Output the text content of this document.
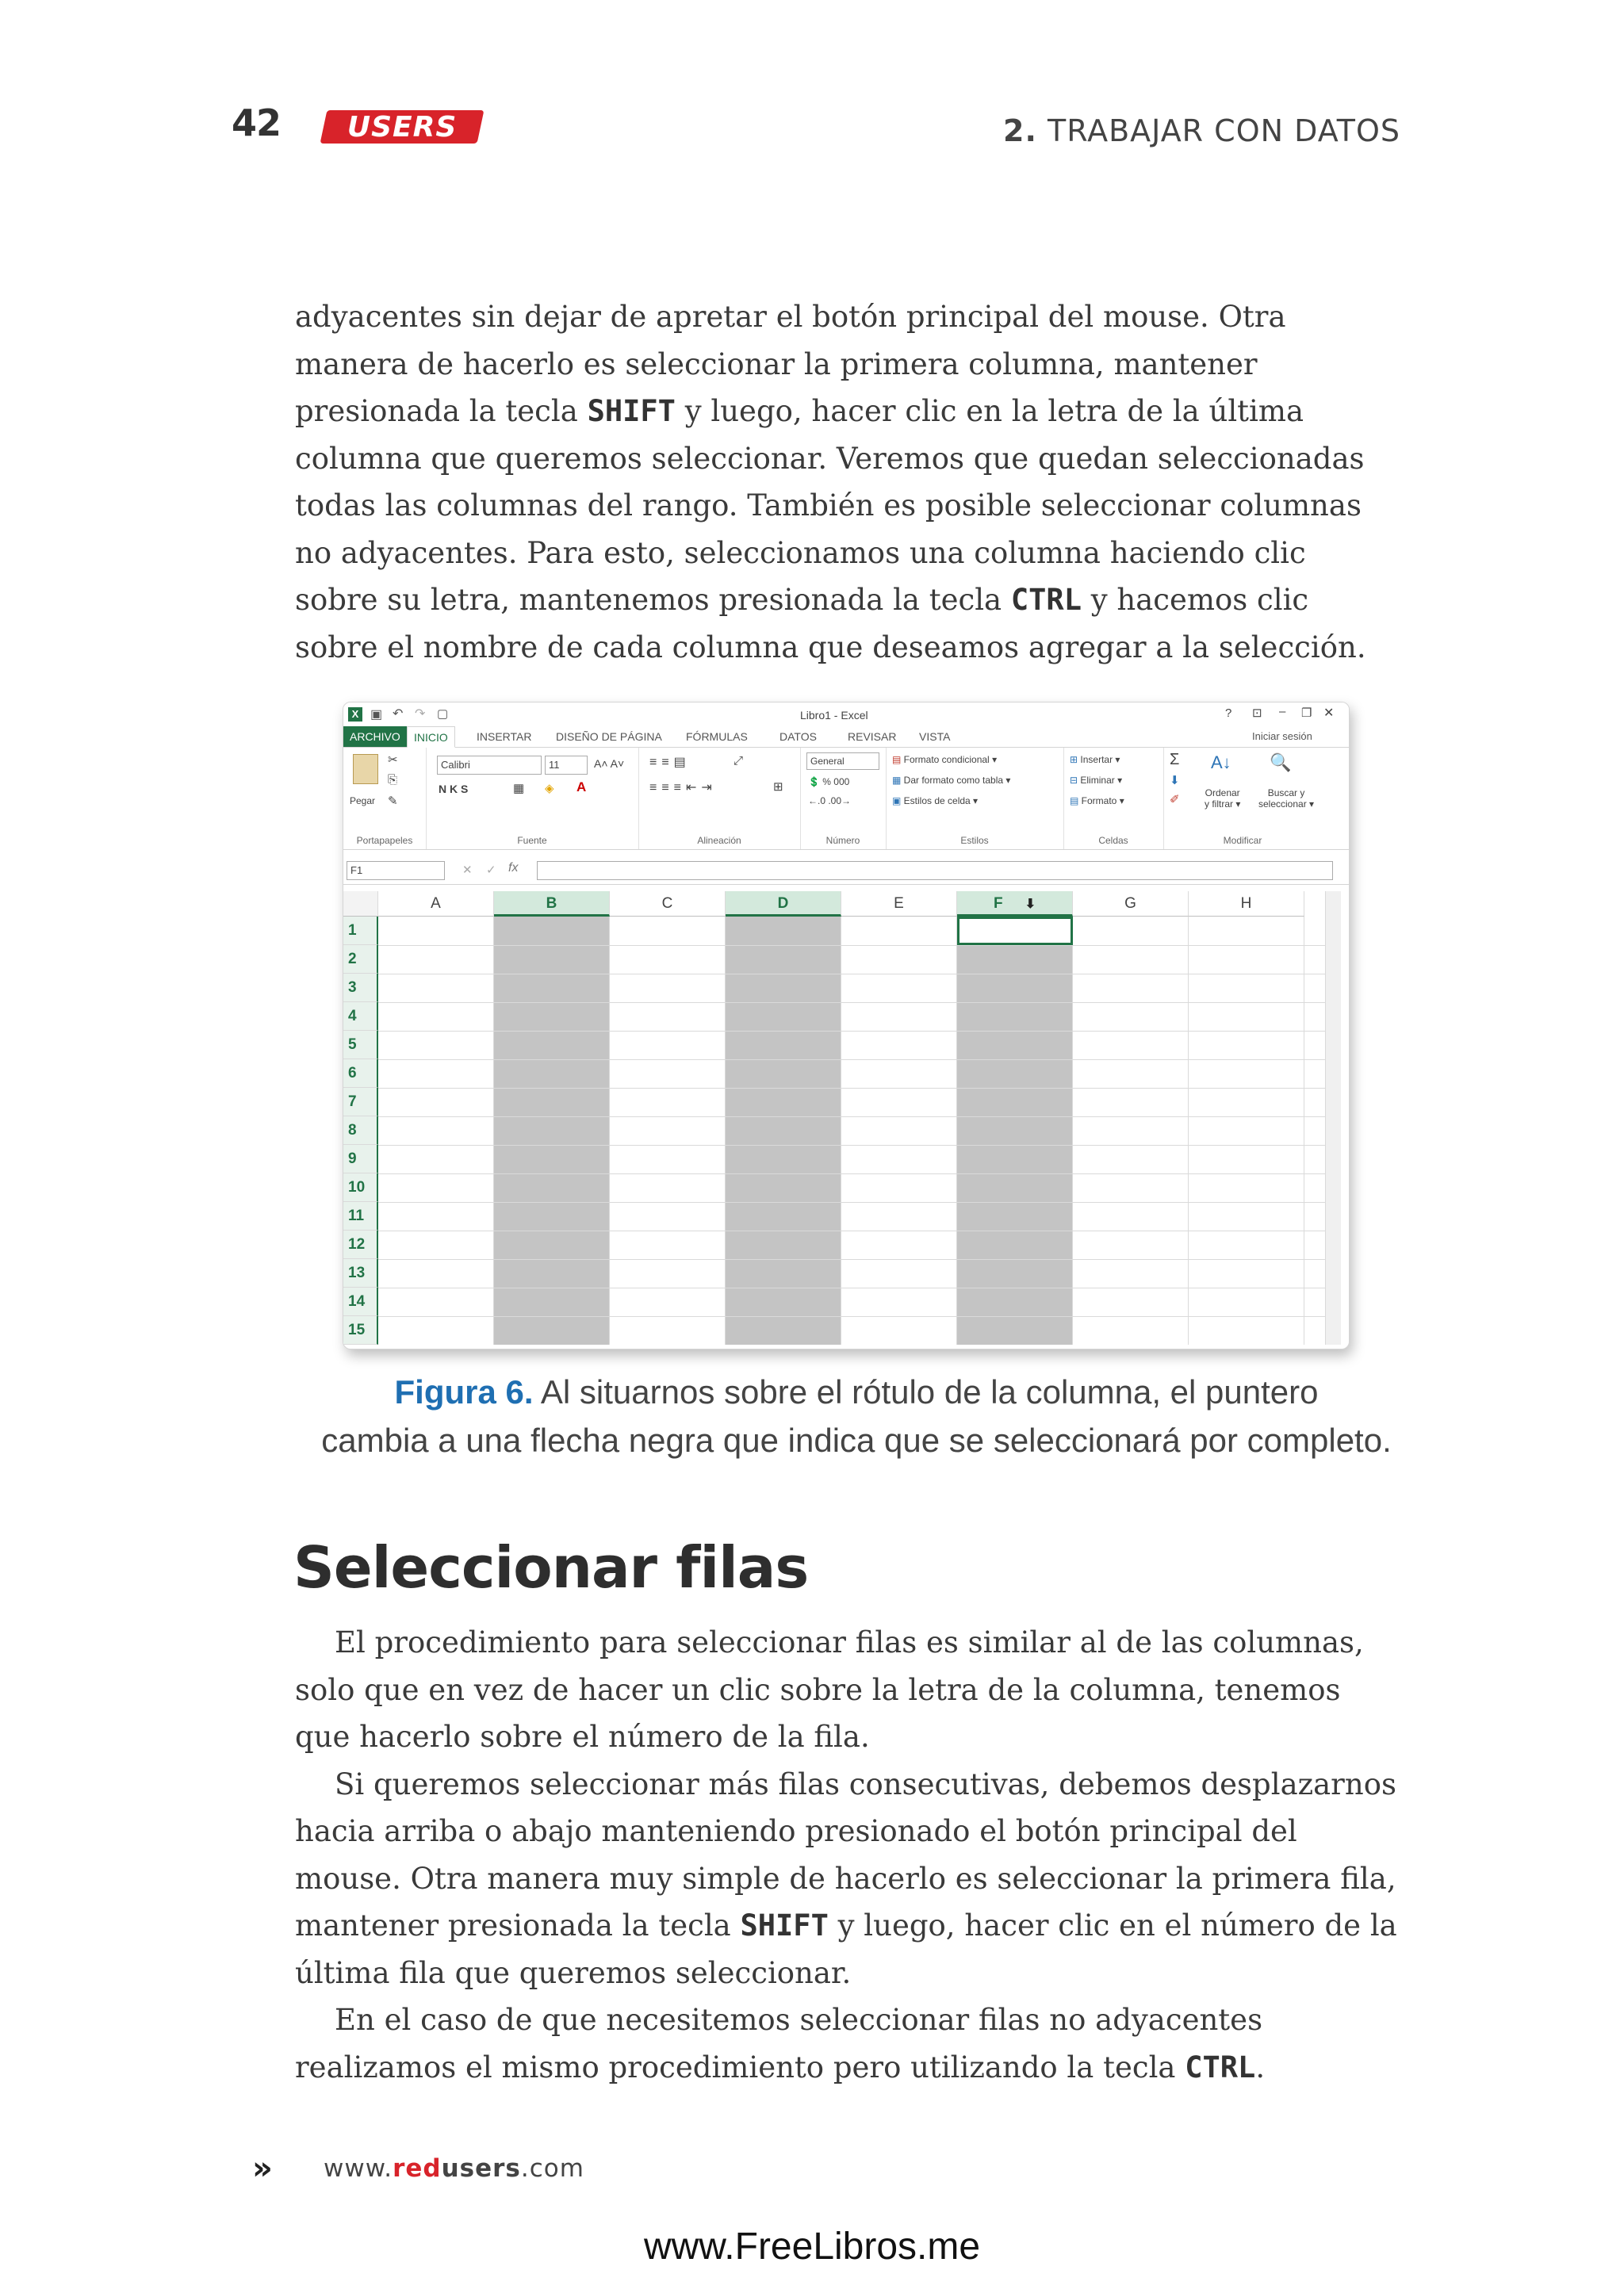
42 USERS	2. TRABAJAR CON DATOS
adyacentes sin dejar de apretar el botón principal del mouse. Otra
manera de hacerlo es seleccionar la primera columna, mantener
presionada la tecla SHIFT y luego, hacer clic en la letra de la última
columna que queremos seleccionar. Veremos que quedan seleccionadas
todas las columnas del rango. También es posible seleccionar columnas
no adyacentes. Para esto, seleccionamos una columna haciendo clic
sobre su letra, mantenemos presionada la tecla CTRL y hacemos clic
sobre el nombre de cada columna que deseamos agregar a la selección.
X ▣ ↶ ↷ ▢	Libro1 - Excel	? ⊡ – ❐ ✕
ARCHIVO	INICIO	INSERTAR DISEÑO DE PÁGINA FÓRMULAS	DATOS	REVISAR VISTA	Iniciar sesión
Pegar
✂
⎘
✎
Portapapeles
Calibri	11	A˄ A˅
N K S	▦ ◈ A
Fuente
≡≡▤
≡≡≡⇤⇥
⤢
⊞
Alineación
General
💲 % 000
←.0 .00→
Número
▤ Formato condicional ▾
▦ Dar formato como tabla ▾
▣ Estilos de celda ▾
Estilos
⊞ Insertar ▾
⊟ Eliminar ▾
▤ Formato ▾
Celdas
Σ
⬇
✐
A↓ 🔍
Ordenar
y filtrar ▾
Buscar y
seleccionar ▾
Modificar
F1	✕ ✓ fx
A	B	C	D	E	F ⬇	G	H
1
2
3
4
5
6
7
8
9
10
11
12
13
14
15
Figura 6. Al situarnos sobre el rótulo de la columna, el puntero
cambia a una flecha negra que indica que se seleccionará por completo.
Seleccionar filas
El procedimiento para seleccionar filas es similar al de las columnas,
solo que en vez de hacer un clic sobre la letra de la columna, tenemos
que hacerlo sobre el número de la fila.
Si queremos seleccionar más filas consecutivas, debemos desplazarnos
hacia arriba o abajo manteniendo presionado el botón principal del
mouse. Otra manera muy simple de hacerlo es seleccionar la primera fila,
mantener presionada la tecla SHIFT y luego, hacer clic en el número de la
última fila que queremos seleccionar.
En el caso de que necesitemos seleccionar filas no adyacentes
realizamos el mismo procedimiento pero utilizando la tecla CTRL.
» www.redusers.com
www.FreeLibros.me
